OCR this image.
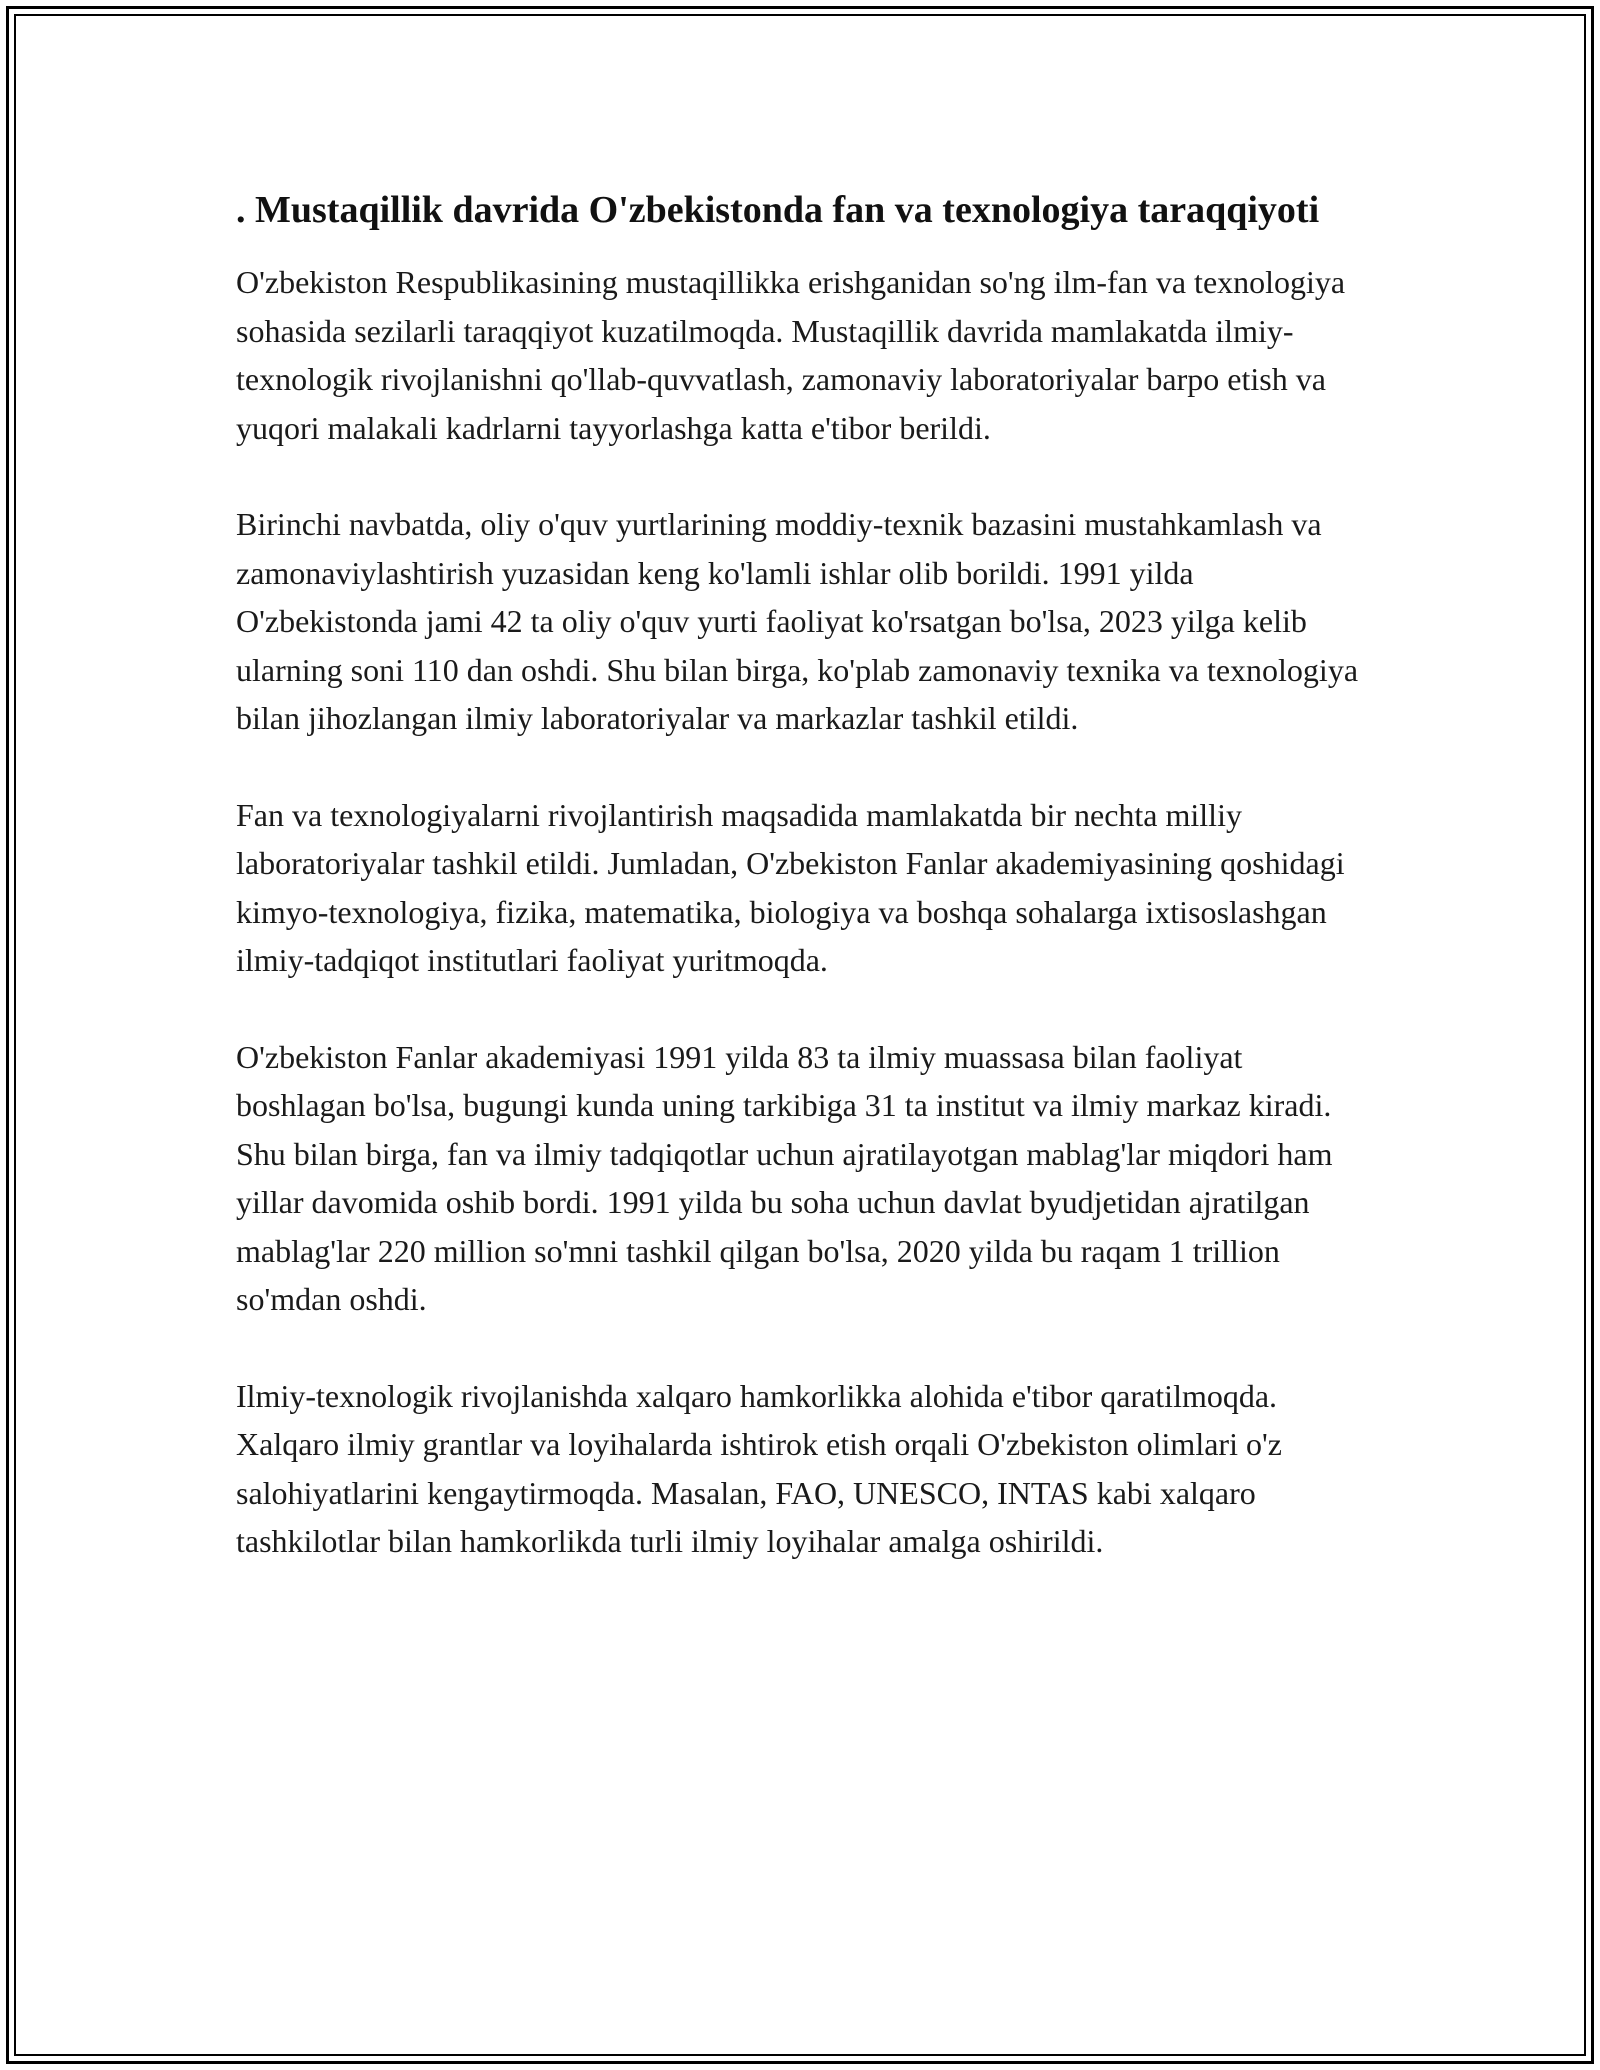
. Mustaqillik davrida O'zbekistonda fan va texnologiya taraqqiyoti

O'zbekiston Respublikasining mustaqillikka erishganidan so'ng ilm-fan va texnologiya sohasida sezilarli taraqqiyot kuzatilmoqda. Mustaqillik davrida mamlakatda ilmiy-texnologik rivojlanishni qo'llab-quvvatlash, zamonaviy laboratoriyalar barpo etish va yuqori malakali kadrlarni tayyorlashga katta e'tibor berildi.

Birinchi navbatda, oliy o'quv yurtlarining moddiy-texnik bazasini mustahkamlash va zamonaviylashtirish yuzasidan keng ko'lamli ishlar olib borildi. 1991 yilda O'zbekistonda jami 42 ta oliy o'quv yurti faoliyat ko'rsatgan bo'lsa, 2023 yilga kelib ularning soni 110 dan oshdi. Shu bilan birga, ko'plab zamonaviy texnika va texnologiya bilan jihozlangan ilmiy laboratoriyalar va markazlar tashkil etildi.

Fan va texnologiyalarni rivojlantirish maqsadida mamlakatda bir nechta milliy laboratoriyalar tashkil etildi. Jumladan, O'zbekiston Fanlar akademiyasining qoshidagi kimyo-texnologiya, fizika, matematika, biologiya va boshqa sohalarga ixtisoslashgan ilmiy-tadqiqot institutlari faoliyat yuritmoqda.

O'zbekiston Fanlar akademiyasi 1991 yilda 83 ta ilmiy muassasa bilan faoliyat boshlagan bo'lsa, bugungi kunda uning tarkibiga 31 ta institut va ilmiy markaz kiradi. Shu bilan birga, fan va ilmiy tadqiqotlar uchun ajratilayotgan mablag'lar miqdori ham yillar davomida oshib bordi. 1991 yilda bu soha uchun davlat byudjetidan ajratilgan mablag'lar 220 million so'mni tashkil qilgan bo'lsa, 2020 yilda bu raqam 1 trillion so'mdan oshdi.

Ilmiy-texnologik rivojlanishda xalqaro hamkorlikka alohida e'tibor qaratilmoqda. Xalqaro ilmiy grantlar va loyihalarda ishtirok etish orqali O'zbekiston olimlari o'z salohiyatlarini kengaytirmoqda. Masalan, FAO, UNESCO, INTAS kabi xalqaro tashkilotlar bilan hamkorlikda turli ilmiy loyihalar amalga oshirildi.
